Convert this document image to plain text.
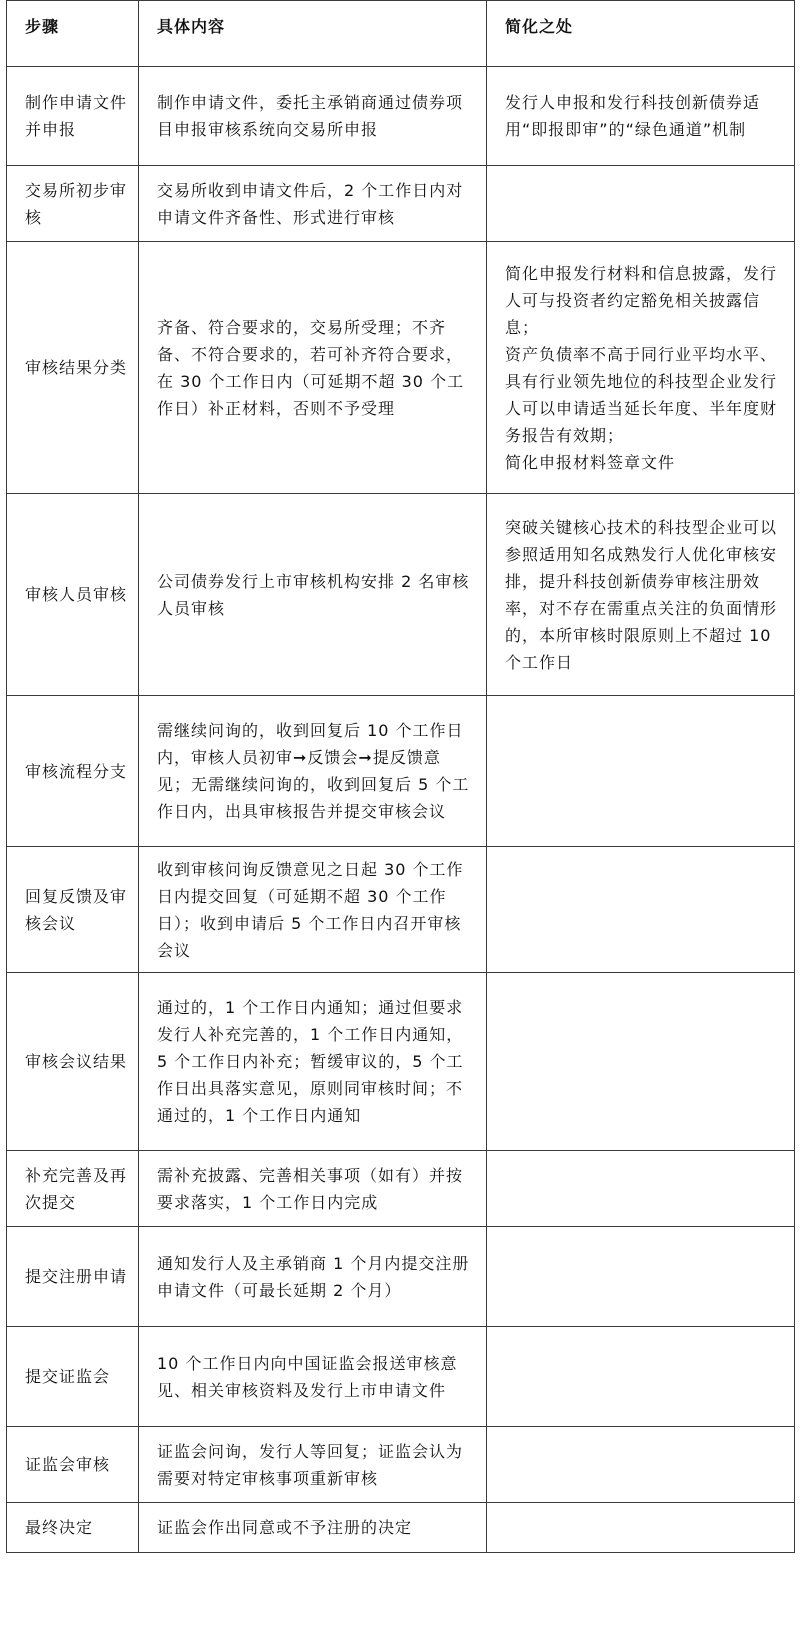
步骤	具体内容	简化之处
制作申请文件并申报	制作申请文件，委托主承销商通过债券项目申报审核系统向交易所申报	发行人申报和发行科技创新债券适用“即报即审”的“绿色通道”机制

交易所初步审核	交易所收到申请文件后，2 个工作日内对申请文件齐备性、形式进行审核	
审核结果分类	齐备、符合要求的，交易所受理；不齐备、不符合要求的，若可补齐符合要求，在 30 个工作日内（可延期不超 30 个工作日）补正材料，否则不予受理	简化申报发行材料和信息披露，发行人可与投资者约定豁免相关披露信息；
资产负债率不高于同行业平均水平、具有行业领先地位的科技型企业发行人可以申请适当延长年度、半年度财务报告有效期；
简化申报材料签章文件

审核人员审核	公司债券发行上市审核机构安排 2 名审核人员审核	突破关键核心技术的科技型企业可以参照适用知名成熟发行人优化审核安排，提升科技创新债券审核注册效率，对不存在需重点关注的负面情形的，本所审核时限原则上不超过 10 个工作日

审核流程分支	需继续问询的，收到回复后 10 个工作日内，审核人员初审➞反馈会➞提反馈意见；无需继续问询的，收到回复后 5 个工作日内，出具审核报告并提交审核会议	
回复反馈及审核会议	收到审核问询反馈意见之日起 30 个工作日内提交回复（可延期不超 30 个工作日）；收到申请后 5 个工作日内召开审核会议	
审核会议结果	通过的，1 个工作日内通知；通过但要求发行人补充完善的，1 个工作日内通知，5 个工作日内补充；暂缓审议的，5 个工作日出具落实意见，原则同审核时间；不通过的，1 个工作日内通知	
补充完善及再次提交	需补充披露、完善相关事项（如有）并按要求落实，1 个工作日内完成	
提交注册申请	通知发行人及主承销商 1 个月内提交注册申请文件（可最长延期 2 个月）	
提交证监会	10 个工作日内向中国证监会报送审核意见、相关审核资料及发行上市申请文件	
证监会审核	证监会问询，发行人等回复；证监会认为需要对特定审核事项重新审核	
最终决定	证监会作出同意或不予注册的决定	
